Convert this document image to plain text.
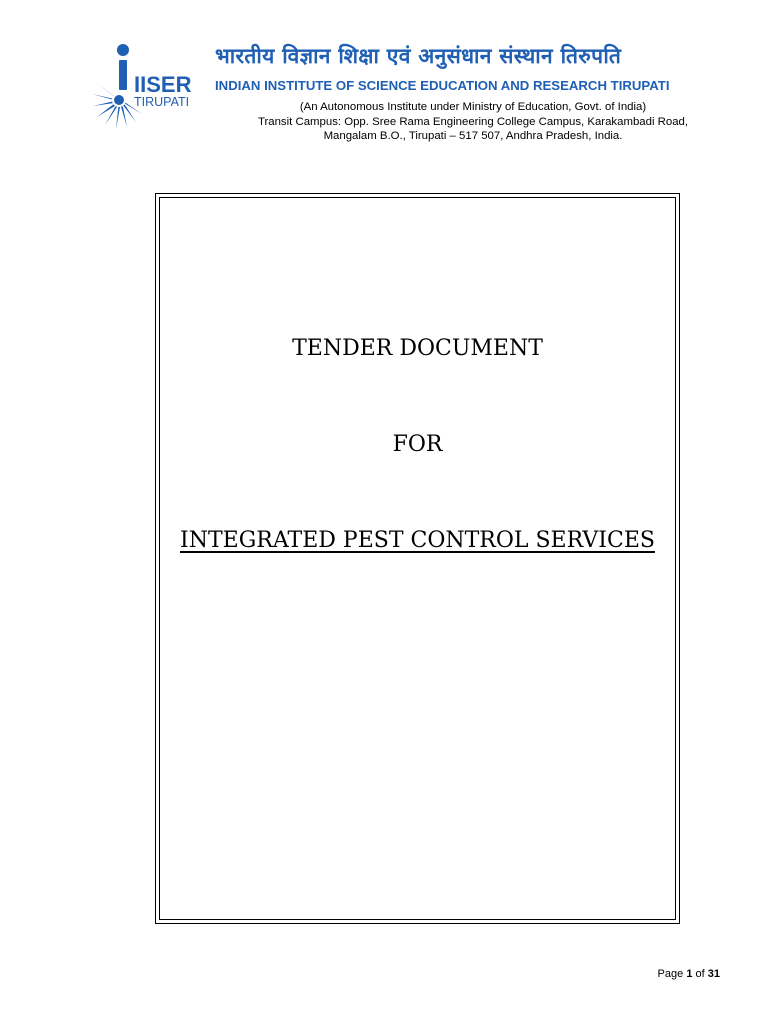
IISER
TIRUPATI
भारतीय विज्ञान शिक्षा एवं अनुसंधान संस्थान तिरुपति
INDIAN INSTITUTE OF SCIENCE EDUCATION AND RESEARCH TIRUPATI
(An Autonomous Institute under Ministry of Education, Govt. of India)
Transit Campus: Opp. Sree Rama Engineering College Campus, Karakambadi Road,
Mangalam B.O., Tirupati – 517 507, Andhra Pradesh, India.
TENDER DOCUMENT
FOR
INTEGRATED PEST CONTROL SERVICES
Page 1 of 31
